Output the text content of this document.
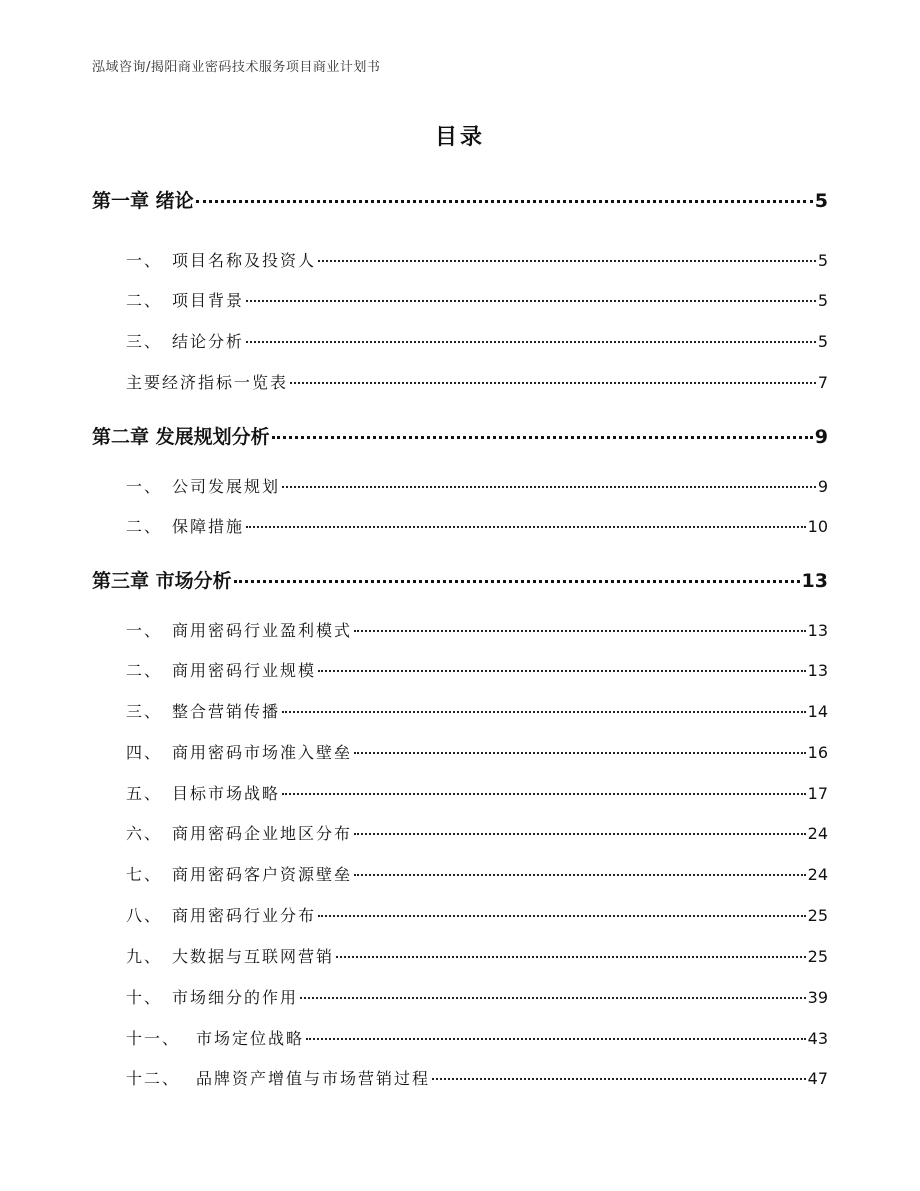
泓域咨询/揭阳商业密码技术服务项目商业计划书
目录
第一章 绪论	5
一、 项目名称及投资人	5
二、 项目背景	5
三、 结论分析	5
主要经济指标一览表	7
第二章 发展规划分析	9
一、 公司发展规划	9
二、 保障措施	10
第三章 市场分析	13
一、 商用密码行业盈利模式	13
二、 商用密码行业规模	13
三、 整合营销传播	14
四、 商用密码市场准入壁垒	16
五、 目标市场战略	17
六、 商用密码企业地区分布	24
七、 商用密码客户资源壁垒	24
八、 商用密码行业分布	25
九、 大数据与互联网营销	25
十、 市场细分的作用	39
十一、 市场定位战略	43
十二、 品牌资产增值与市场营销过程	47
